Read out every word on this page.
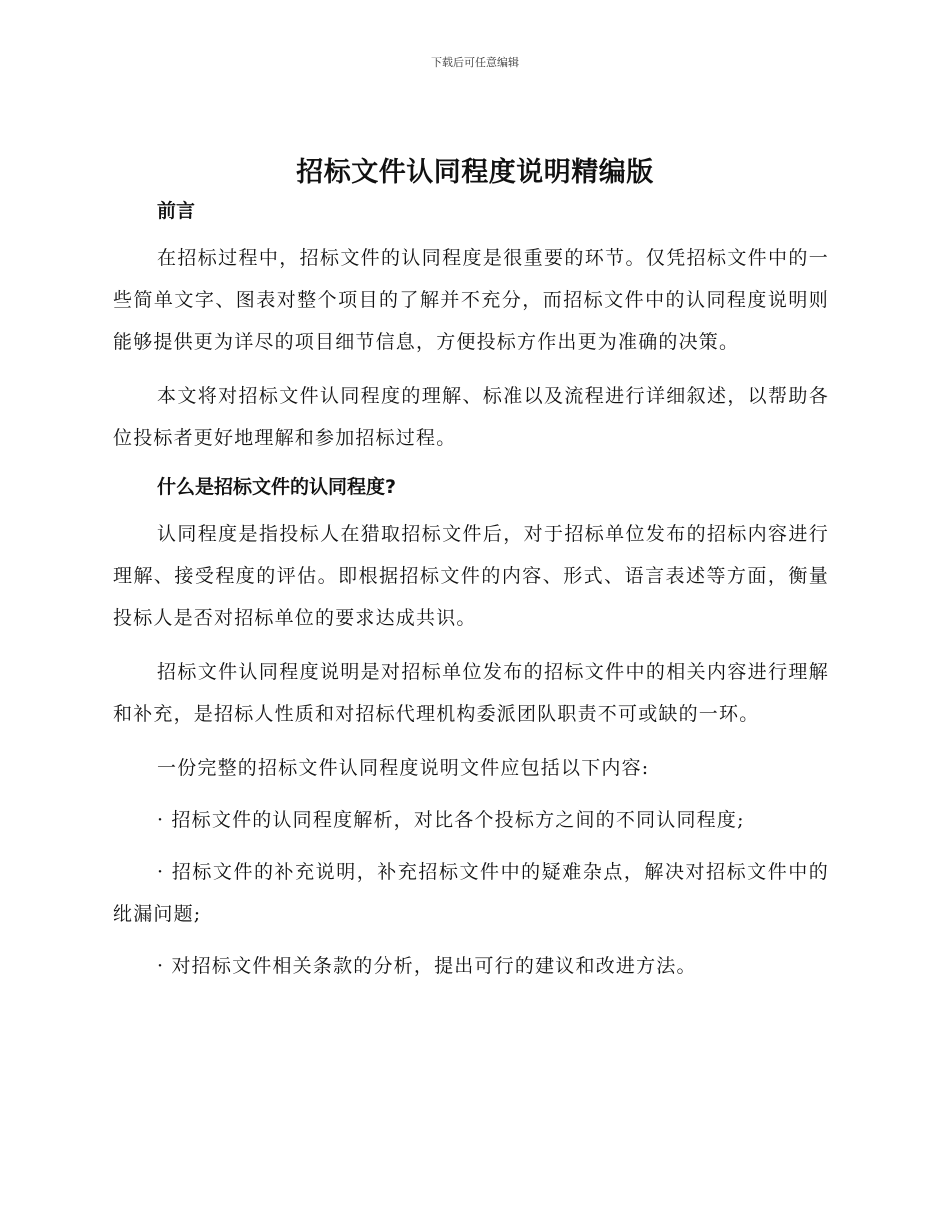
下载后可任意编辑
招标文件认同程度说明精编版

前言

在招标过程中，招标文件的认同程度是很重要的环节。仅凭招标文件中的一些简单文字、图表对整个项目的了解并不充分，而招标文件中的认同程度说明则能够提供更为详尽的项目细节信息，方便投标方作出更为准确的决策。

本文将对招标文件认同程度的理解、标准以及流程进行详细叙述，以帮助各位投标者更好地理解和参加招标过程。

什么是招标文件的认同程度?

认同程度是指投标人在猎取招标文件后，对于招标单位发布的招标内容进行理解、接受程度的评估。即根据招标文件的内容、形式、语言表述等方面，衡量投标人是否对招标单位的要求达成共识。

招标文件认同程度说明是对招标单位发布的招标文件中的相关内容进行理解和补充，是招标人性质和对招标代理机构委派团队职责不可或缺的一环。

一份完整的招标文件认同程度说明文件应包括以下内容:

· 招标文件的认同程度解析，对比各个投标方之间的不同认同程度;

· 招标文件的补充说明，补充招标文件中的疑难杂点，解决对招标文件中的纰漏问题;

· 对招标文件相关条款的分析，提出可行的建议和改进方法。
